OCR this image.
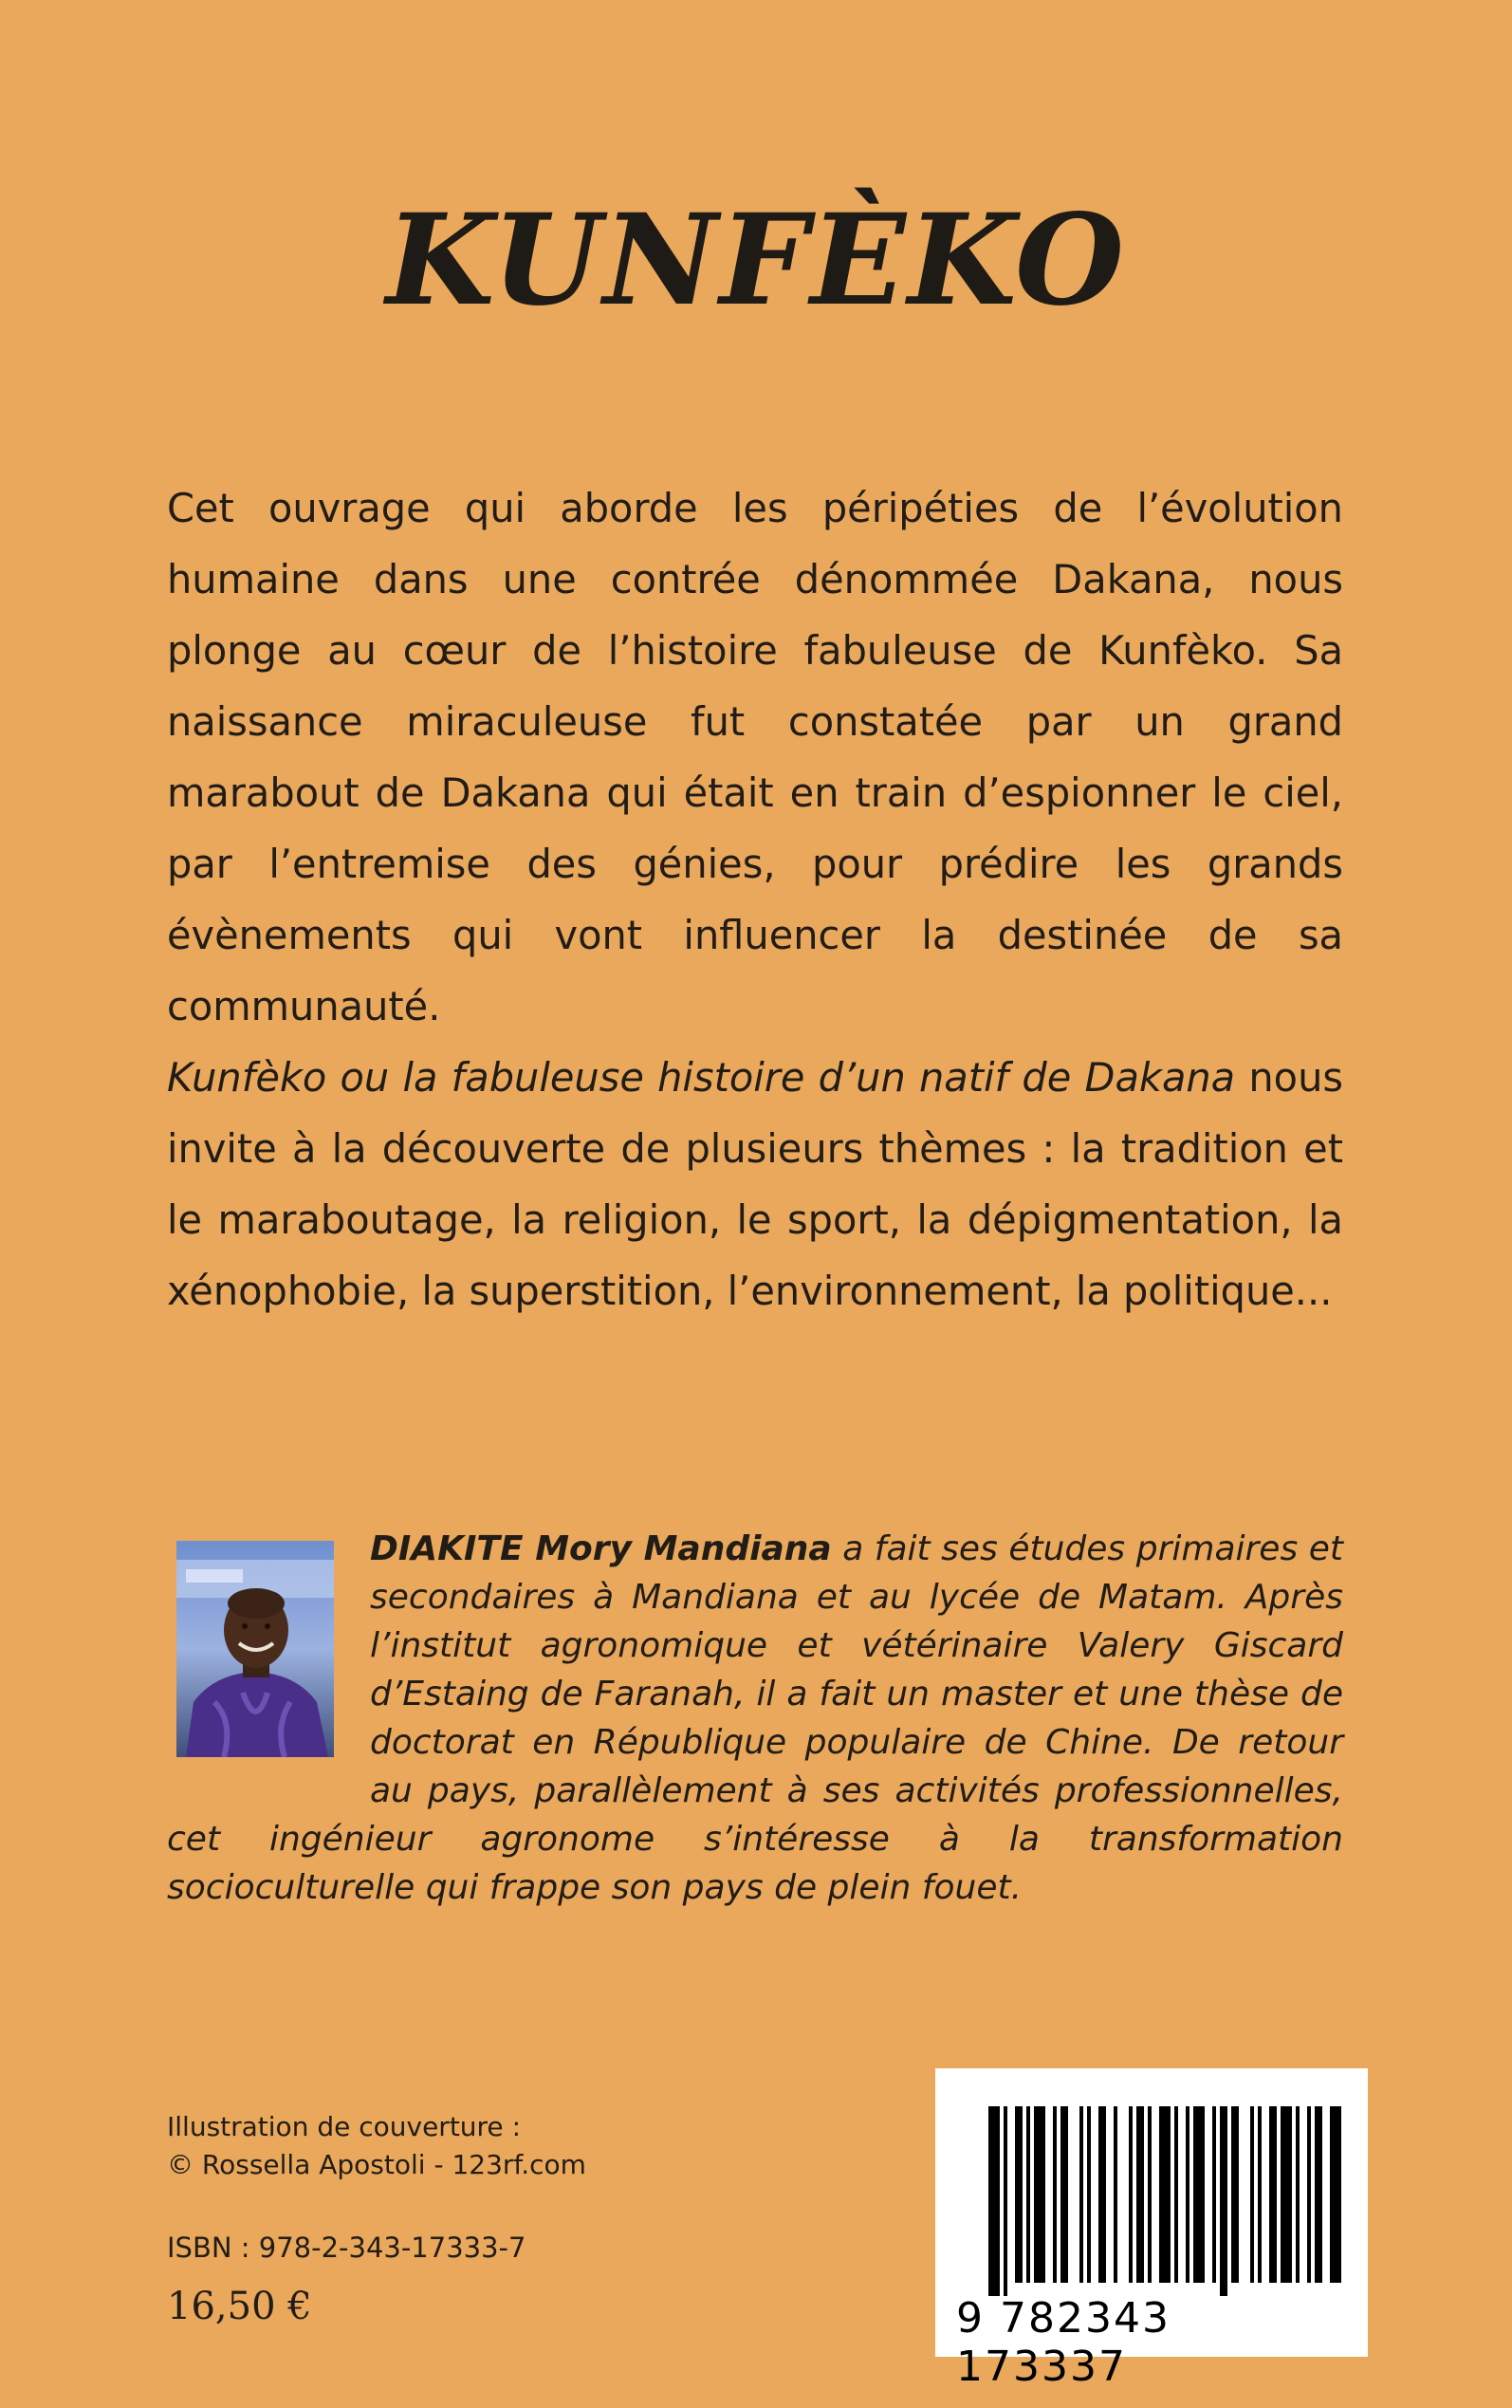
KUNFÈKO

Cet ouvrage qui aborde les péripéties de l’évolution humaine dans une contrée dénommée Dakana, nous plonge au cœur de l’histoire fabuleuse de Kunfèko. Sa naissance miraculeuse fut constatée par un grand marabout de Dakana qui était en train d’espionner le ciel, par l’entremise des génies, pour prédire les grands évènements qui vont influencer la destinée de sa communauté.

Kunfèko ou la fabuleuse histoire d’un natif de Dakana nous invite à la découverte de plusieurs thèmes : la tradition et le maraboutage, la religion, le sport, la dépigmentation, la xénophobie, la superstition, l’environnement, la politique...

DIAKITE Mory Mandiana a fait ses études primaires et secondaires à Mandiana et au lycée de Matam. Après l’institut agronomique et vétérinaire Valery Giscard d’Estaing de Faranah, il a fait un master et une thèse de doctorat en République populaire de Chine. De retour au pays, parallèlement à ses activités professionnelles, cet ingénieur agronome s’intéresse à la transformation socioculturelle qui frappe son pays de plein fouet.
Illustration de couverture :
© Rossella Apostoli - 123rf.com
ISBN : 978-2-343-17333-7
16,50 €	9 782343 173337
